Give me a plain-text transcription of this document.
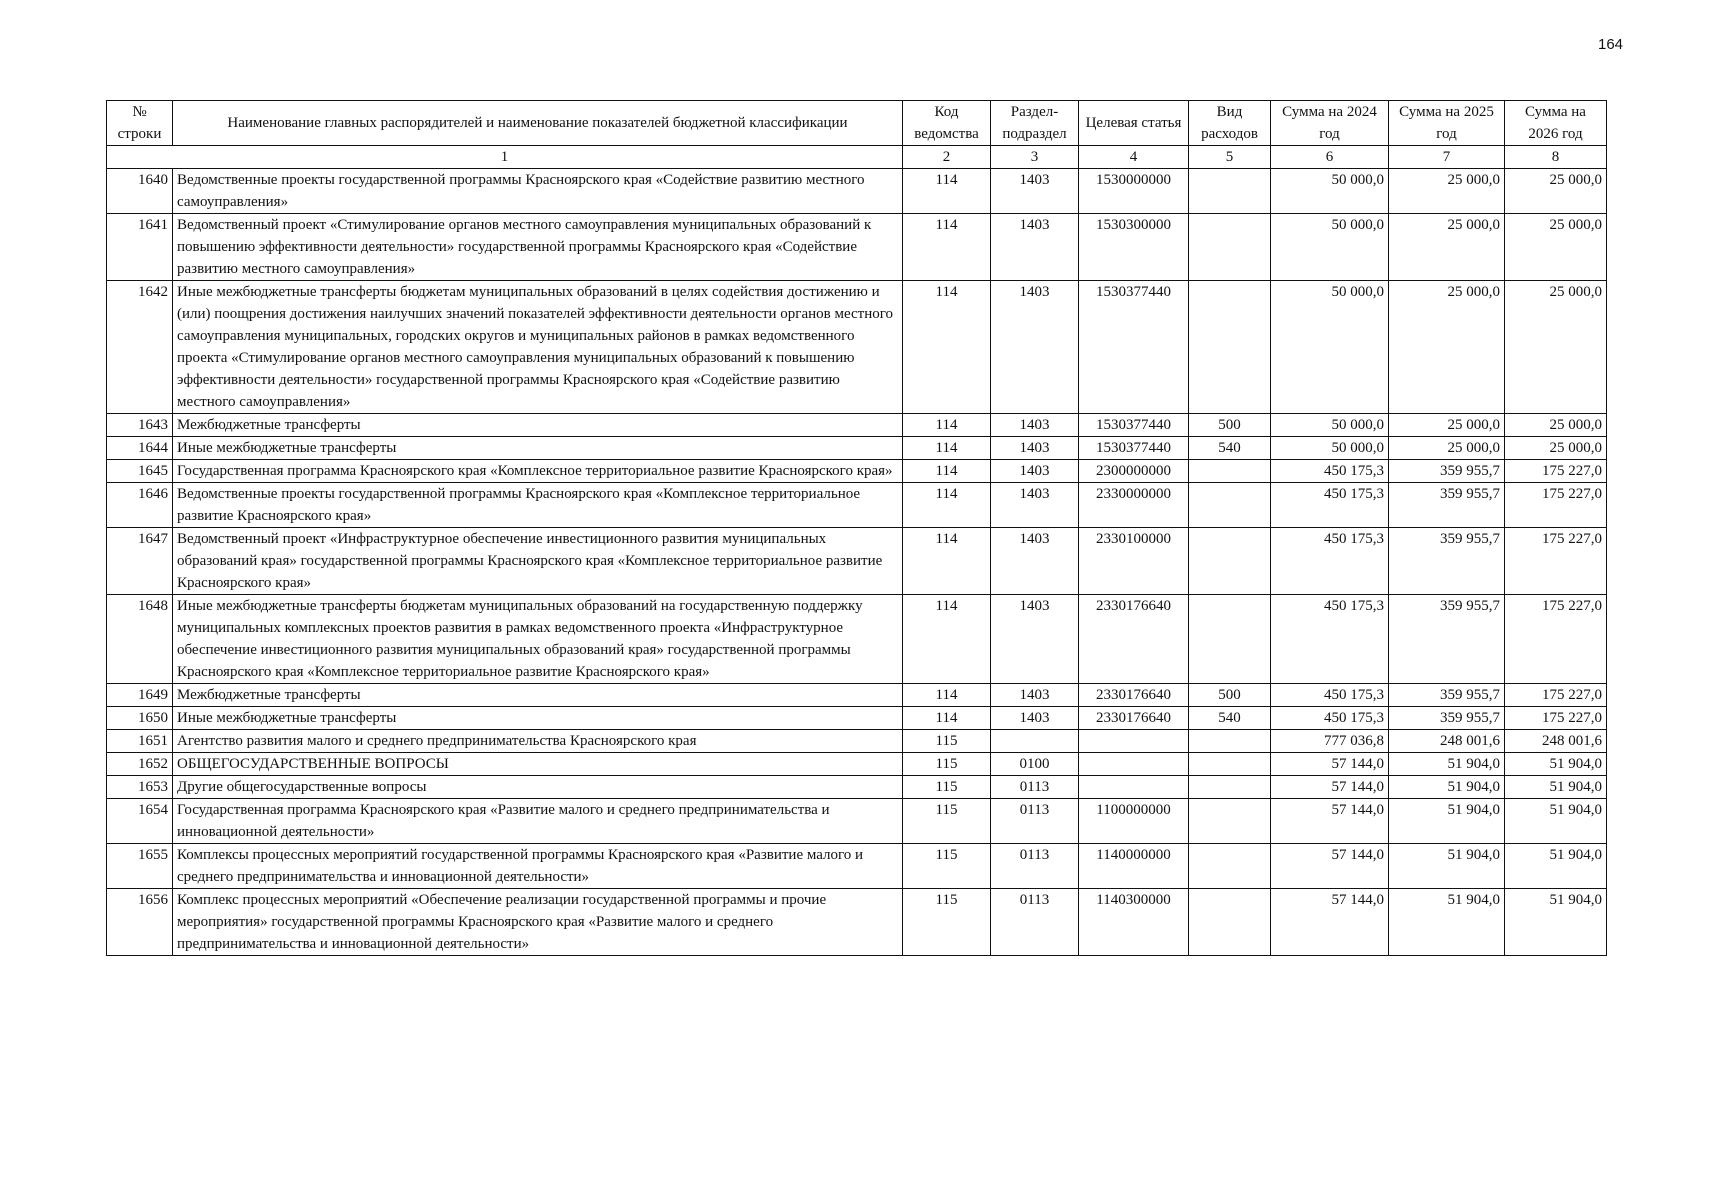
164
№
строки	Наименование главных распорядителей и наименование показателей бюджетной классификации	Код ведомства	Раздел-подраздел	Целевая статья	Вид расходов	Сумма на 2024 год	Сумма на 2025 год	Сумма на 2026 год
1		2	3	4	5	6	7	8
1640	Ведомственные проекты государственной программы Красноярского края «Содействие развитию местного самоуправления»	114	1403	1530000000		50 000,0	25 000,0	25 000,0
1641	Ведомственный проект «Стимулирование органов местного самоуправления муниципальных образований к повышению эффективности деятельности» государственной программы Красноярского края «Содействие развитию местного самоуправления»	114	1403	1530300000		50 000,0	25 000,0	25 000,0
1642	Иные межбюджетные трансферты бюджетам муниципальных образований в целях содействия достижению и (или) поощрения достижения наилучших значений показателей эффективности деятельности органов местного самоуправления муниципальных, городских округов и муниципальных районов в рамках ведомственного проекта «Стимулирование органов местного самоуправления муниципальных образований к повышению эффективности деятельности» государственной программы Красноярского края «Содействие развитию местного самоуправления»	114	1403	1530377440		50 000,0	25 000,0	25 000,0
1643	Межбюджетные трансферты	114	1403	1530377440	500	50 000,0	25 000,0	25 000,0
1644	Иные межбюджетные трансферты	114	1403	1530377440	540	50 000,0	25 000,0	25 000,0
1645	Государственная программа Красноярского края «Комплексное территориальное развитие Красноярского края»	114	1403	2300000000		450 175,3	359 955,7	175 227,0
1646	Ведомственные проекты государственной программы Красноярского края «Комплексное территориальное развитие Красноярского края»	114	1403	2330000000		450 175,3	359 955,7	175 227,0
1647	Ведомственный проект «Инфраструктурное обеспечение инвестиционного развития муниципальных образований края» государственной программы Красноярского края «Комплексное территориальное развитие Красноярского края»	114	1403	2330100000		450 175,3	359 955,7	175 227,0
1648	Иные межбюджетные трансферты бюджетам муниципальных образований на государственную поддержку муниципальных комплексных проектов развития в рамках ведомственного проекта «Инфраструктурное обеспечение инвестиционного развития муниципальных образований края» государственной программы Красноярского края «Комплексное территориальное развитие Красноярского края»	114	1403	2330176640		450 175,3	359 955,7	175 227,0
1649	Межбюджетные трансферты	114	1403	2330176640	500	450 175,3	359 955,7	175 227,0
1650	Иные межбюджетные трансферты	114	1403	2330176640	540	450 175,3	359 955,7	175 227,0
1651	Агентство развития малого и среднего предпринимательства Красноярского края	115				777 036,8	248 001,6	248 001,6
1652	ОБЩЕГОСУДАРСТВЕННЫЕ ВОПРОСЫ	115	0100			57 144,0	51 904,0	51 904,0
1653	Другие общегосударственные вопросы	115	0113			57 144,0	51 904,0	51 904,0
1654	Государственная программа Красноярского края «Развитие малого и среднего предпринимательства и инновационной деятельности»	115	0113	1100000000		57 144,0	51 904,0	51 904,0
1655	Комплексы процессных мероприятий государственной программы Красноярского края «Развитие малого и среднего предпринимательства и инновационной деятельности»	115	0113	1140000000		57 144,0	51 904,0	51 904,0
1656	Комплекс процессных мероприятий «Обеспечение реализации государственной программы и прочие мероприятия» государственной программы Красноярского края «Развитие малого и среднего предпринимательства и инновационной деятельности»	115	0113	1140300000		57 144,0	51 904,0	51 904,0
